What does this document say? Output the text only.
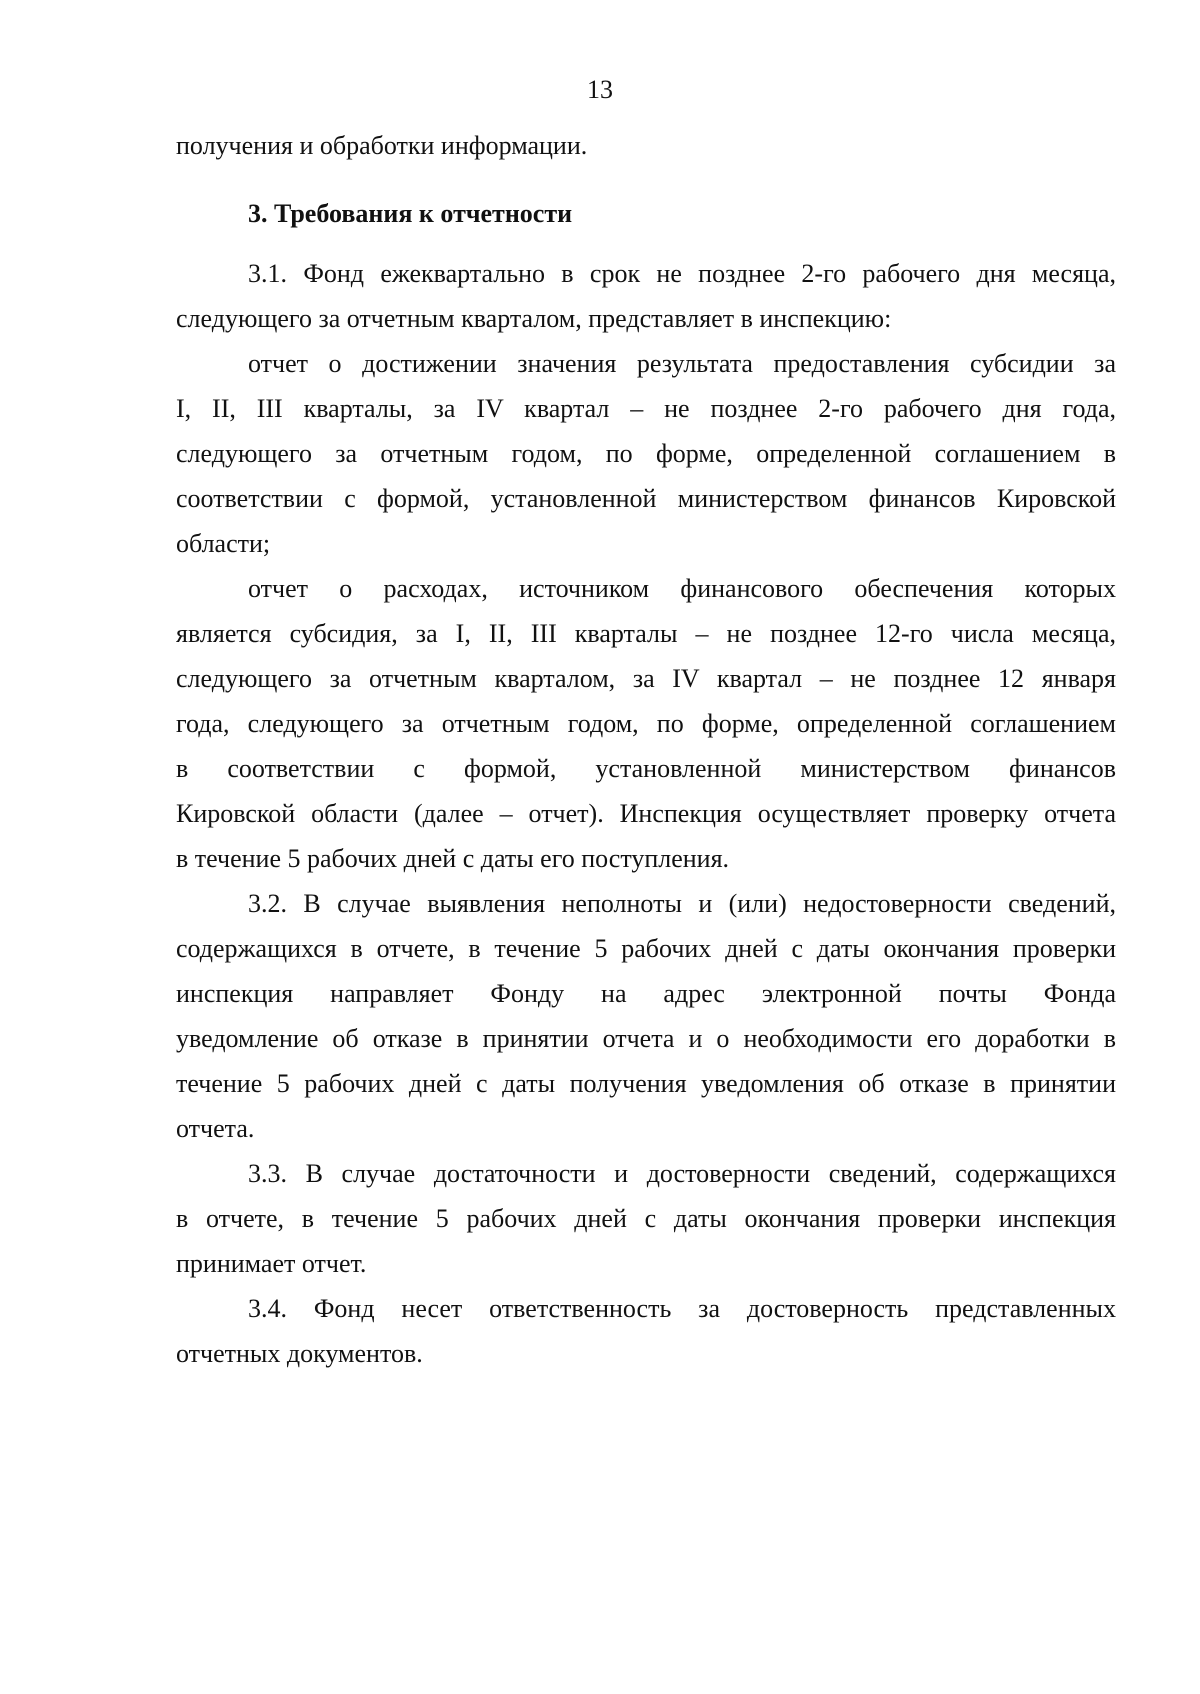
13
получения и обработки информации.
3. Требования к отчетности
3.1. Фонд ежеквартально в срок не позднее 2-го рабочего дня месяца,
следующего за отчетным кварталом, представляет в инспекцию:
отчет о достижении значения результата предоставления субсидии за
I, II, III кварталы, за IV квартал – не позднее 2-го рабочего дня года,
следующего за отчетным годом, по форме, определенной соглашением в
соответствии с формой, установленной министерством финансов Кировской
области;
отчет о расходах, источником финансового обеспечения которых
является субсидия, за I, II, III кварталы – не позднее 12-го числа месяца,
следующего за отчетным кварталом, за IV квартал – не позднее 12 января
года, следующего за отчетным годом, по форме, определенной соглашением
в соответствии с формой, установленной министерством финансов
Кировской области (далее – отчет). Инспекция осуществляет проверку отчета
в течение 5 рабочих дней с даты его поступления.
3.2. В случае выявления неполноты и (или) недостоверности сведений,
содержащихся в отчете, в течение 5 рабочих дней с даты окончания проверки
инспекция направляет Фонду на адрес электронной почты Фонда
уведомление об отказе в принятии отчета и о необходимости его доработки в
течение 5 рабочих дней с даты получения уведомления об отказе в принятии
отчета.
3.3. В случае достаточности и достоверности сведений, содержащихся
в отчете, в течение 5 рабочих дней с даты окончания проверки инспекция
принимает отчет.
3.4. Фонд несет ответственность за достоверность представленных
отчетных документов.
